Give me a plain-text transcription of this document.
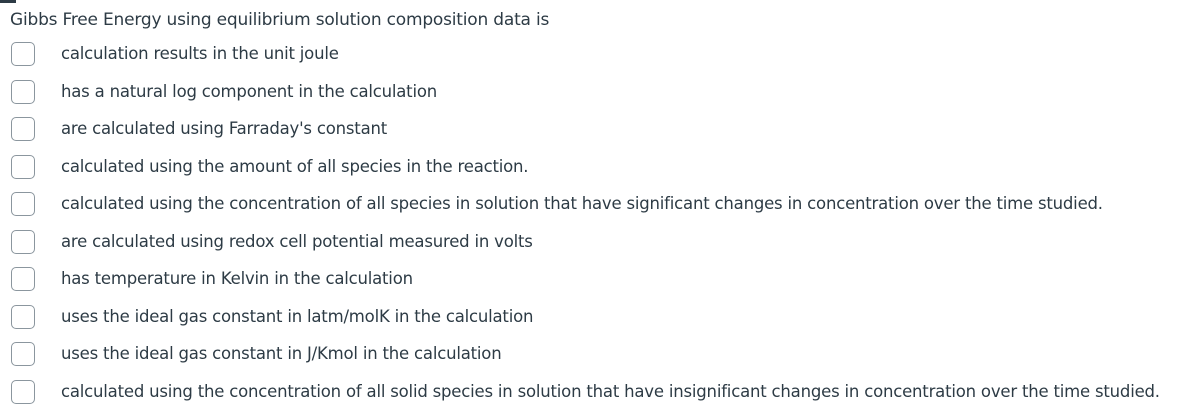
Gibbs Free Energy using equilibrium solution composition data is
calculation results in the unit joule
has a natural log component in the calculation
are calculated using Farraday's constant
calculated using the amount of all species in the reaction.
calculated using the concentration of all species in solution that have significant changes in concentration over the time studied.
are calculated using redox cell potential measured in volts
has temperature in Kelvin in the calculation
uses the ideal gas constant in latm/molK in the calculation
uses the ideal gas constant in J/Kmol in the calculation
calculated using the concentration of all solid species in solution that have insignificant changes in concentration over the time studied.
